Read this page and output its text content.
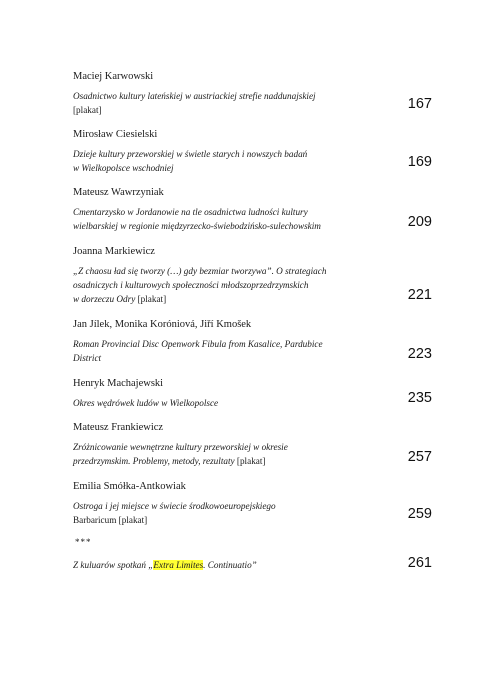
Maciej Karwowski
Osadnictwo kultury lateńskiej w austriackiej strefie naddunajskiej
[plakat]	167
Mirosław Ciesielski
Dzieje kultury przeworskiej w świetle starych i nowszych badań
w Wielkopolsce wschodniej	169
Mateusz Wawrzyniak
Cmentarzysko w Jordanowie na tle osadnictwa ludności kultury
wielbarskiej w regionie międzyrzecko-świebodzińsko-sulechowskim	209
Joanna Markiewicz
„Z chaosu ład się tworzy (…) gdy bezmiar tworzywa”. O strategiach
osadniczych i kulturowych społeczności młodszoprzedrzymskich
w dorzeczu Odry [plakat]	221
Jan Jílek, Monika Koróniová, Jiří Kmošek
Roman Provincial Disc Openwork Fibula from Kasalice, Pardubice
District	223
Henryk Machajewski
Okres wędrówek ludów w Wielkopolsce	235
Mateusz Frankiewicz
Zróżnicowanie wewnętrzne kultury przeworskiej w okresie
przedrzymskim. Problemy, metody, rezultaty [plakat]	257
Emilia Smółka-Antkowiak
Ostroga i jej miejsce w świecie środkowoeuropejskiego
Barbaricum [plakat]	259
***
Z kuluarów spotkań „Extra Limites. Continuatio”	261
